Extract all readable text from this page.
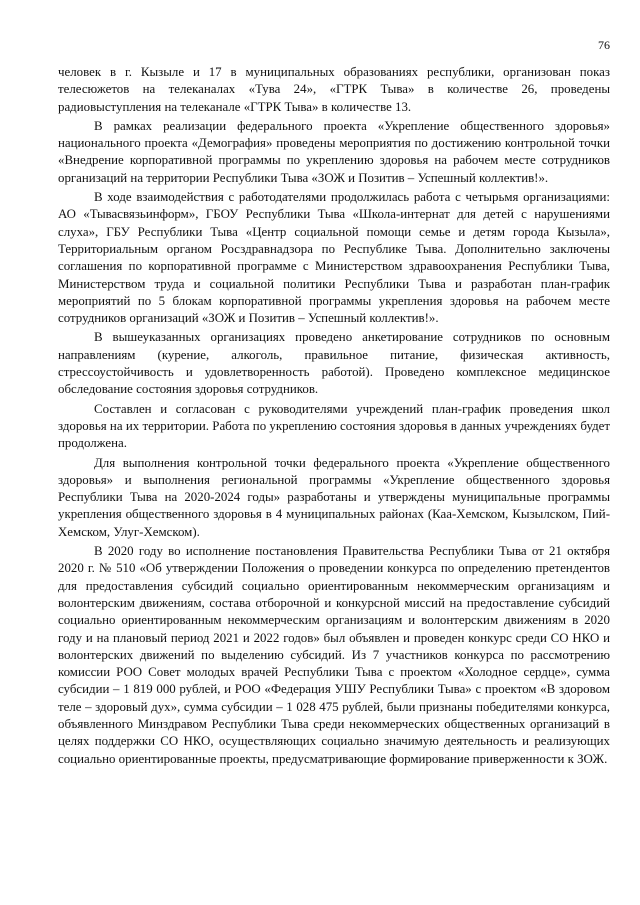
76

человек в г. Кызыле и 17 в муниципальных образованиях республики, организован показ телесюжетов на телеканалах «Тува 24», «ГТРК Тыва» в количестве 26, проведены радиовыступления на телеканале «ГТРК Тыва» в количестве 13.

В рамках реализации федерального проекта «Укрепление общественного здоровья» национального проекта «Демография» проведены мероприятия по достижению контрольной точки «Внедрение корпоративной программы по укреплению здоровья на рабочем месте сотрудников организаций на территории Республики Тыва «ЗОЖ и Позитив – Успешный коллектив!».

В ходе взаимодействия с работодателями продолжилась работа с четырьмя организациями: АО «Тывасвязьинформ», ГБОУ Республики Тыва «Школа-интернат для детей с нарушениями слуха», ГБУ Республики Тыва «Центр социальной помощи семье и детям города Кызыла», Территориальным органом Росздравнадзора по Республике Тыва. Дополнительно заключены соглашения по корпоративной программе с Министерством здравоохранения Республики Тыва, Министерством труда и социальной политики Республики Тыва и разработан план-график мероприятий по 5 блокам корпоративной программы укрепления здоровья на рабочем месте сотрудников организаций «ЗОЖ и Позитив – Успешный коллектив!».

В вышеуказанных организациях проведено анкетирование сотрудников по основным направлениям (курение, алкоголь, правильное питание, физическая активность, стрессоустойчивость и удовлетворенность работой). Проведено комплексное медицинское обследование состояния здоровья сотрудников.

Составлен и согласован с руководителями учреждений план-график проведения школ здоровья на их территории. Работа по укреплению состояния здоровья в данных учреждениях будет продолжена.

Для выполнения контрольной точки федерального проекта «Укрепление общественного здоровья» и выполнения региональной программы «Укрепление общественного здоровья Республики Тыва на 2020-2024 годы» разработаны и утверждены муниципальные программы укрепления общественного здоровья в 4 муниципальных районах (Каа-Хемском, Кызылском, Пий-Хемском, Улуг-Хемском).

В 2020 году во исполнение постановления Правительства Республики Тыва от 21 октября 2020 г. № 510 «Об утверждении Положения о проведении конкурса по определению претендентов для предоставления субсидий социально ориентированным некоммерческим организациям и волонтерским движениям, состава отборочной и конкурсной миссий на предоставление субсидий социально ориентированным некоммерческим организациям и волонтерским движениям в 2020 году и на плановый период 2021 и 2022 годов» был объявлен и проведен конкурс среди СО НКО и волонтерских движений по выделению субсидий. Из 7 участников конкурса по рассмотрению комиссии РОО Совет молодых врачей Республики Тыва с проектом «Холодное сердце», сумма субсидии – 1 819 000 рублей, и РОО «Федерация УШУ Республики Тыва» с проектом «В здоровом теле – здоровый дух», сумма субсидии – 1 028 475 рублей, были признаны победителями конкурса, объявленного Минздравом Республики Тыва среди некоммерческих общественных организаций в целях поддержки СО НКО, осуществляющих социально значимую деятельность и реализующих социально ориентированные проекты, предусматривающие формирование приверженности к ЗОЖ.
